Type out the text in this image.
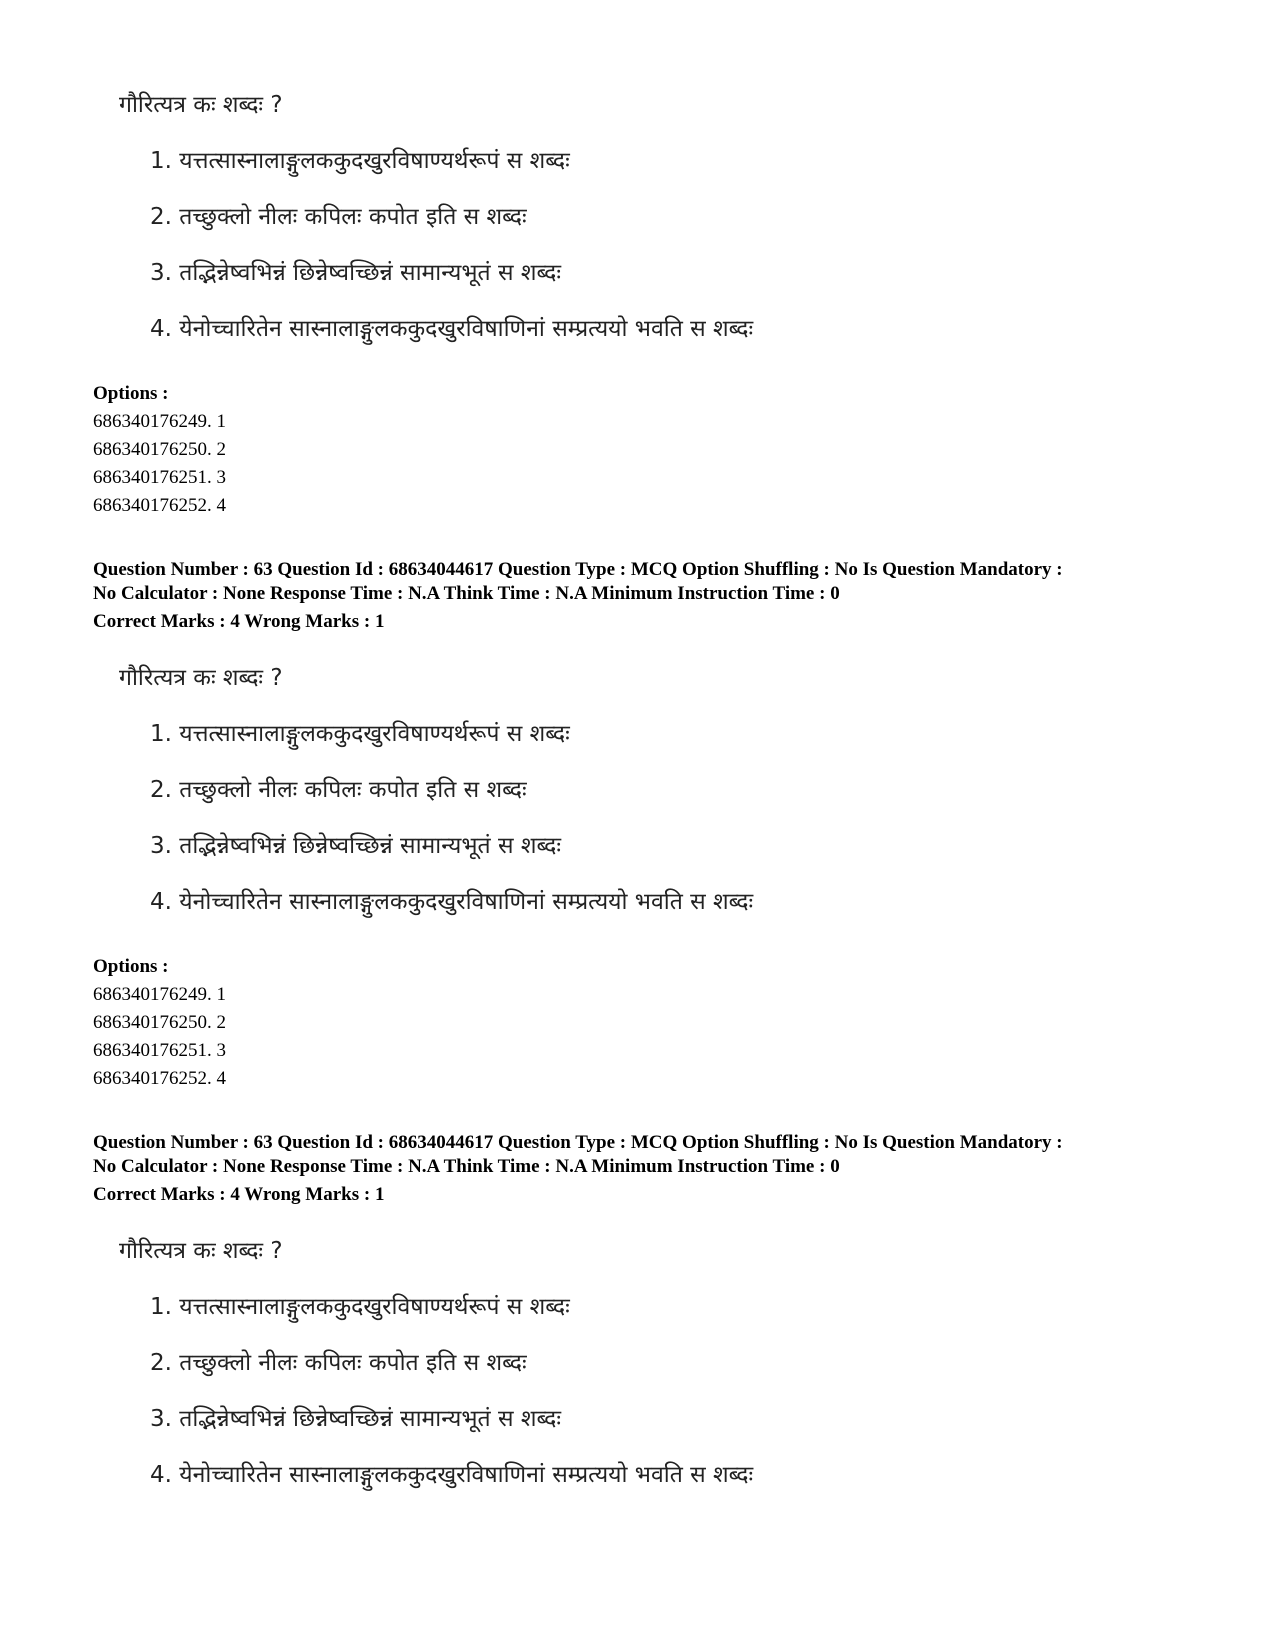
गौरित्यत्र कः शब्दः ?
1. यत्तत्सास्नालाङ्गुलककुदखुरविषाण्यर्थरूपं स शब्दः
2. तच्छुक्लो नीलः कपिलः कपोत इति स शब्दः
3. तद्भिन्नेष्वभिन्नं छिन्नेष्वच्छिन्नं सामान्यभूतं स शब्दः
4. येनोच्चारितेन सास्नालाङ्गुलककुदखुरविषाणिनां सम्प्रत्ययो भवति स शब्दः
Options :
686340176249. 1
686340176250. 2
686340176251. 3
686340176252. 4
Question Number : 63 Question Id : 68634044617 Question Type : MCQ Option Shuffling : No Is Question Mandatory :
No Calculator : None Response Time : N.A Think Time : N.A Minimum Instruction Time : 0
Correct Marks : 4 Wrong Marks : 1
गौरित्यत्र कः शब्दः ?
1. यत्तत्सास्नालाङ्गुलककुदखुरविषाण्यर्थरूपं स शब्दः
2. तच्छुक्लो नीलः कपिलः कपोत इति स शब्दः
3. तद्भिन्नेष्वभिन्नं छिन्नेष्वच्छिन्नं सामान्यभूतं स शब्दः
4. येनोच्चारितेन सास्नालाङ्गुलककुदखुरविषाणिनां सम्प्रत्ययो भवति स शब्दः
Options :
686340176249. 1
686340176250. 2
686340176251. 3
686340176252. 4
Question Number : 63 Question Id : 68634044617 Question Type : MCQ Option Shuffling : No Is Question Mandatory :
No Calculator : None Response Time : N.A Think Time : N.A Minimum Instruction Time : 0
Correct Marks : 4 Wrong Marks : 1
गौरित्यत्र कः शब्दः ?
1. यत्तत्सास्नालाङ्गुलककुदखुरविषाण्यर्थरूपं स शब्दः
2. तच्छुक्लो नीलः कपिलः कपोत इति स शब्दः
3. तद्भिन्नेष्वभिन्नं छिन्नेष्वच्छिन्नं सामान्यभूतं स शब्दः
4. येनोच्चारितेन सास्नालाङ्गुलककुदखुरविषाणिनां सम्प्रत्ययो भवति स शब्दः
